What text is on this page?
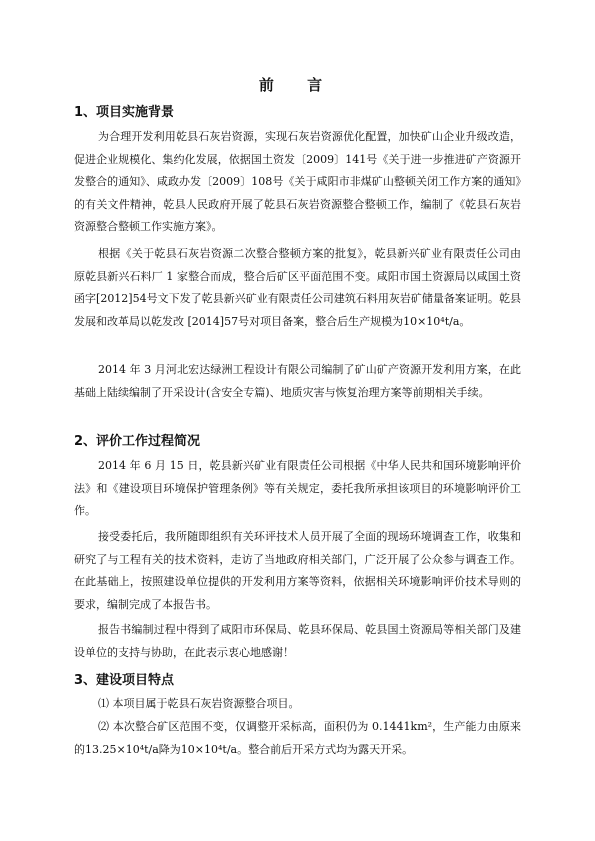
前 言
1、项目实施背景
为合理开发利用乾县石灰岩资源，实现石灰岩资源优化配置，加快矿山企业升级改造，促进企业规模化、集约化发展，依据国土资发〔2009〕141号《关于进一步推进矿产资源开发整合的通知》、咸政办发〔2009〕108号《关于咸阳市非煤矿山整顿关闭工作方案的通知》的有关文件精神，乾县人民政府开展了乾县石灰岩资源整合整顿工作，编制了《乾县石灰岩资源整合整顿工作实施方案》。
根据《关于乾县石灰岩资源二次整合整顿方案的批复》，乾县新兴矿业有限责任公司由原乾县新兴石料厂 1 家整合而成，整合后矿区平面范围不变。咸阳市国土资源局以咸国土资函字[2012]54号文下发了乾县新兴矿业有限责任公司建筑石料用灰岩矿储量备案证明。乾县发展和改革局以乾发改 [2014]57号对项目备案，整合后生产规模为10×10⁴t/a。
2014 年 3 月河北宏达绿洲工程设计有限公司编制了矿山矿产资源开发利用方案，在此基础上陆续编制了开采设计(含安全专篇)、地质灾害与恢复治理方案等前期相关手续。
2、评价工作过程简况
2014 年 6 月 15 日，乾县新兴矿业有限责任公司根据《中华人民共和国环境影响评价法》和《建设项目环境保护管理条例》等有关规定，委托我所承担该项目的环境影响评价工作。
接受委托后，我所随即组织有关环评技术人员开展了全面的现场环境调查工作，收集和研究了与工程有关的技术资料，走访了当地政府相关部门，广泛开展了公众参与调查工作。在此基础上，按照建设单位提供的开发利用方案等资料，依据相关环境影响评价技术导则的要求，编制完成了本报告书。
报告书编制过程中得到了咸阳市环保局、乾县环保局、乾县国土资源局等相关部门及建设单位的支持与协助，在此表示衷心地感谢！
3、建设项目特点
⑴ 本项目属于乾县石灰岩资源整合项目。
⑵ 本次整合矿区范围不变，仅调整开采标高，面积仍为 0.1441km²，生产能力由原来的13.25×10⁴t/a降为10×10⁴t/a。整合前后开采方式均为露天开采。
